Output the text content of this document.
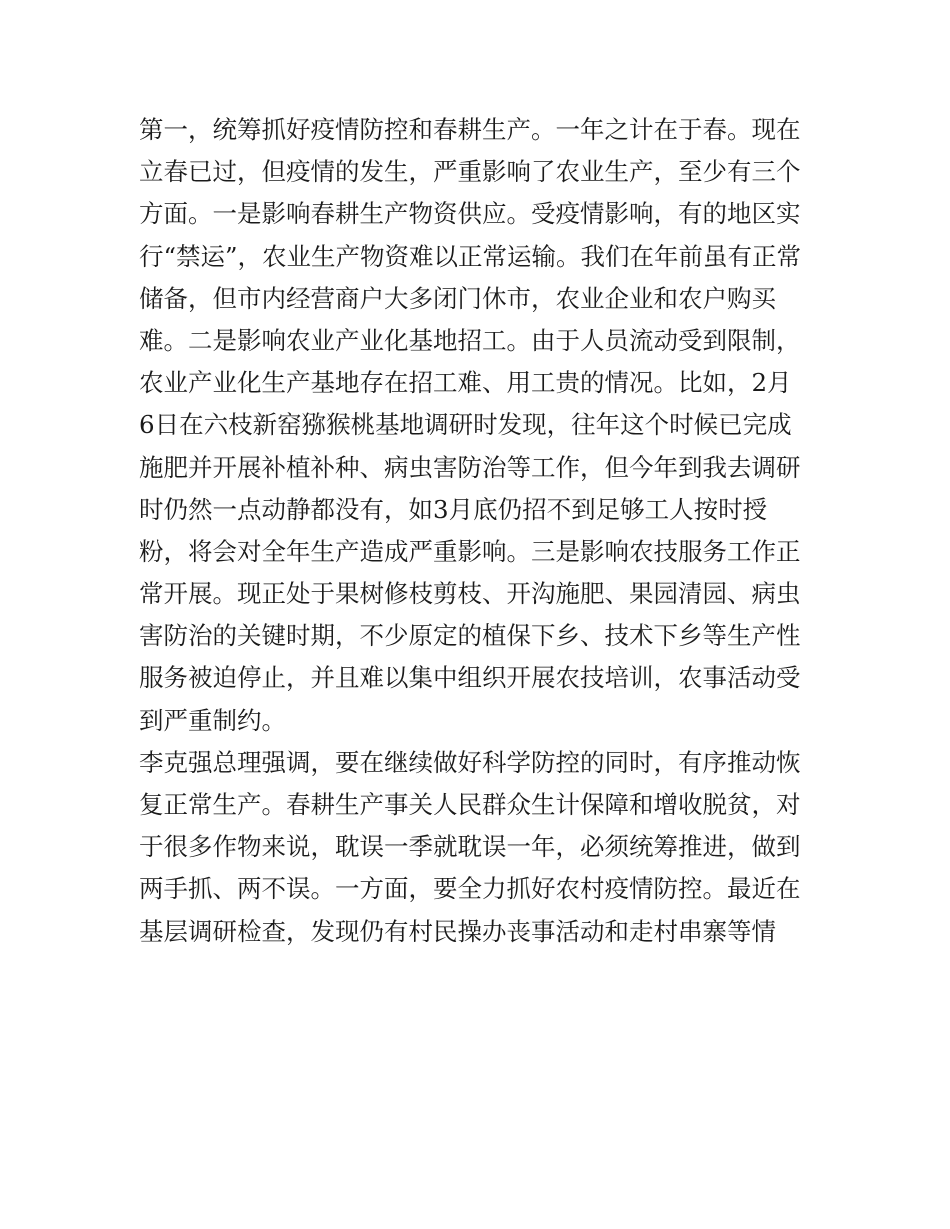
第一，统筹抓好疫情防控和春耕生产。一年之计在于春。现在
立春已过，但疫情的发生，严重影响了农业生产，至少有三个
方面。一是影响春耕生产物资供应。受疫情影响，有的地区实
行“禁运”，农业生产物资难以正常运输。我们在年前虽有正常
储备，但市内经营商户大多闭门休市，农业企业和农户购买
难。二是影响农业产业化基地招工。由于人员流动受到限制，
农业产业化生产基地存在招工难、用工贵的情况。比如，2月
6日在六枝新窑猕猴桃基地调研时发现，往年这个时候已完成
施肥并开展补植补种、病虫害防治等工作，但今年到我去调研
时仍然一点动静都没有，如3月底仍招不到足够工人按时授
粉，将会对全年生产造成严重影响。三是影响农技服务工作正
常开展。现正处于果树修枝剪枝、开沟施肥、果园清园、病虫
害防治的关键时期，不少原定的植保下乡、技术下乡等生产性
服务被迫停止，并且难以集中组织开展农技培训，农事活动受
到严重制约。
李克强总理强调，要在继续做好科学防控的同时，有序推动恢
复正常生产。春耕生产事关人民群众生计保障和增收脱贫，对
于很多作物来说，耽误一季就耽误一年，必须统筹推进，做到
两手抓、两不误。一方面，要全力抓好农村疫情防控。最近在
基层调研检查，发现仍有村民操办丧事活动和走村串寨等情
